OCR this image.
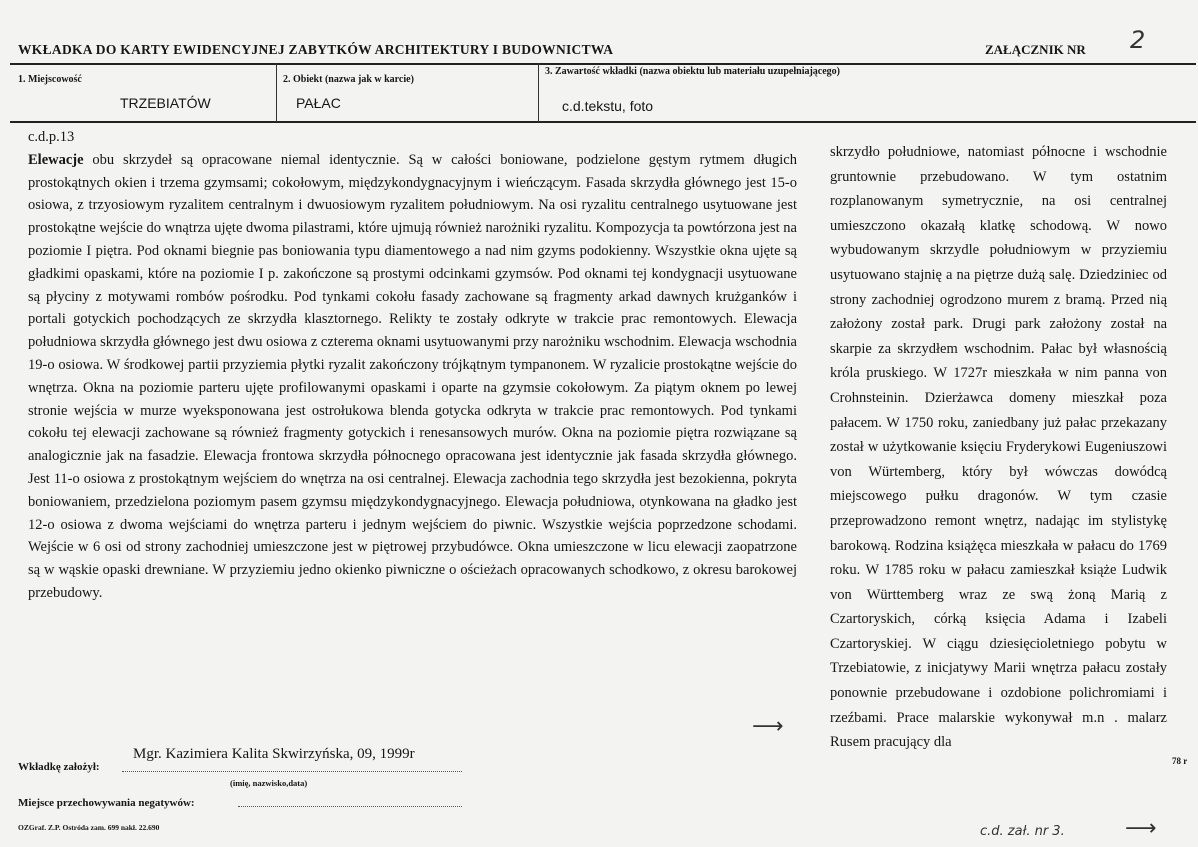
WKŁADKA DO KARTY EWIDENCYJNEJ ZABYTKÓW ARCHITEKTURY I BUDOWNICTWA	ZAŁĄCZNIK NR 2
1. Miejscowość
TRZEBIATÓW
2. Obiekt (nazwa jak w karcie)
PAŁAC
3. Zawartość wkładki (nazwa obiektu lub materiału uzupełniającego)
c.d.tekstu, foto

c.d.p.13

Elewacje obu skrzydeł są opracowane niemal identycznie. Są w całości boniowane, podzielone gęstym rytmem długich prostokątnych okien i trzema gzymsami; cokołowym, międzykondygnacyjnym i wieńczącym. Fasada skrzydła głównego jest 15-o osiowa, z trzyosiowym ryzalitem centralnym i dwuosiowym ryzalitem południowym. Na osi ryzalitu centralnego usytuowane jest prostokątne wejście do wnątrza ujęte dwoma pilastrami, które ujmują również narożniki ryzalitu. Kompozycja ta powtórzona jest na poziomie I piętra. Pod oknami biegnie pas boniowania typu diamentowego a nad nim gzyms podokienny. Wszystkie okna ujęte są gładkimi opaskami, które na poziomie I p. zakończone są prostymi odcinkami gzymsów. Pod oknami tej kondygnacji usytuowane są płyciny z motywami rombów pośrodku. Pod tynkami cokołu fasady zachowane są fragmenty arkad dawnych krużganków i portali gotyckich pochodzących ze skrzydła klasztornego. Relikty te zostały odkryte w trakcie prac remontowych. Elewacja południowa skrzydła głównego jest dwu osiowa z czterema oknami usytuowanymi przy narożniku wschodnim. Elewacja wschodnia 19-o osiowa. W środkowej partii przyziemia płytki ryzalit zakończony trójkątnym tympanonem. W ryzalicie prostokątne wejście do wnętrza. Okna na poziomie parteru ujęte profilowanymi opaskami i oparte na gzymsie cokołowym. Za piątym oknem po lewej stronie wejścia w murze wyeksponowana jest ostrołukowa blenda gotycka odkryta w trakcie prac remontowych. Pod tynkami cokołu tej elewacji zachowane są również fragmenty gotyckich i renesansowych murów. Okna na poziomie piętra rozwiązane są analogicznie jak na fasadzie. Elewacja frontowa skrzydła północnego opracowana jest identycznie jak fasada skrzydła głównego. Jest 11-o osiowa z prostokątnym wejściem do wnętrza na osi centralnej. Elewacja zachodnia tego skrzydła jest bezokienna, pokryta boniowaniem, przedzielona poziomym pasem gzymsu międzykondygnacyjnego. Elewacja południowa, otynkowana na gładko jest 12-o osiowa z dwoma wejściami do wnętrza parteru i jednym wejściem do piwnic. Wszystkie wejścia poprzedzone schodami. Wejście w 6 osi od strony zachodniej umieszczone jest w piętrowej przybudówce. Okna umieszczone w licu elewacji zaopatrzone są w wąskie opaski drewniane. W przyziemiu jedno okienko piwniczne o ościeżach opracowanych schodkowo, z okresu barokowej przebudowy.

⟶

skrzydło południowe, natomiast północne i wschodnie gruntownie przebudowano. W tym ostatnim rozplanowanym symetrycznie, na osi centralnej umieszczono okazałą klatkę schodową. W nowo wybudowanym skrzydle południowym w przyziemiu usytuowano stajnię a na piętrze dużą salę. Dziedziniec od strony zachodniej ogrodzono murem z bramą. Przed nią założony został park. Drugi park założony został na skarpie za skrzydłem wschodnim. Pałac był własnością króla pruskiego. W 1727r mieszkała w nim panna von Crohnsteinin. Dzierżawca domeny mieszkał poza pałacem. W 1750 roku, zaniedbany już pałac przekazany został w użytkowanie księciu Fryderykowi Eugeniuszowi von Würtemberg, który był wówczas dowódcą miejscowego pułku dragonów. W tym czasie przeprowadzono remont wnętrz, nadając im stylistykę barokową. Rodzina książęca mieszkała w pałacu do 1769 roku. W 1785 roku w pałacu zamieszkał książe Ludwik von Württemberg wraz ze swą żoną Marią z Czartoryskich, córką księcia Adama i Izabeli Czartoryskiej. W ciągu dziesięcioletniego pobytu w Trzebiatowie, z inicjatywy Marii wnętrza pałacu zostały ponownie przebudowane i ozdobione polichromiami i rzeźbami. Prace malarskie wykonywał m.n . malarz Rusem pracujący dla

78 r
Wkładkę założył:
Mgr. Kazimiera Kalita Skwirzyńska, 09, 1999r
(imię, nazwisko,data)
Miejsce przechowywania negatywów:
OZGraf. Z.P. Ostróda zam. 699 nakł. 22.690	c.d. zał. nr 3.	⟶
